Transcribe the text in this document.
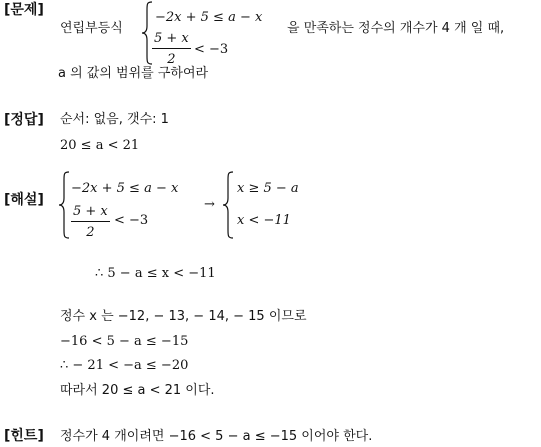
[문제]
[정답]
[해설]
[힌트]
연립부등식
−2x + 5 ≤ a − x
5 + x
2
< −3
을 만족하는 정수의 개수가 4 개 일 때,
a 의 값의 범위를 구하여라
순서: 없음, 갯수: 1
20 ≤ a < 21
−2x + 5 ≤ a − x
5 + x
2
< −3
→
x ≥ 5 − a
x < −11
∴ 5 − a ≤ x < −11
정수 x 는 −12, − 13, − 14, − 15 이므로
−16 < 5 − a ≤ −15
∴ − 21 < −a ≤ −20
따라서 20 ≤ a < 21 이다.
정수가 4 개이려면 −16 < 5 − a ≤ −15 이어야 한다.
